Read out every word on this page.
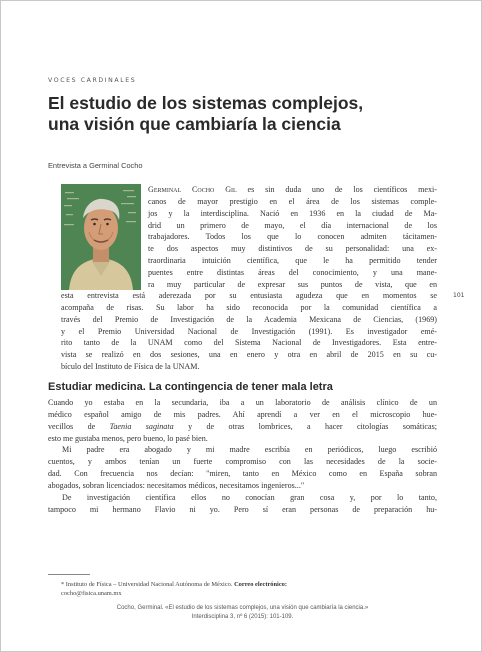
VOCES CARDINALES
El estudio de los sistemas complejos,
una visión que cambiaría la ciencia
Entrevista a Germinal Cocho
Germinal Cocho Gil es sin duda uno de los científicos mexi-
canos de mayor prestigio en el área de los sistemas comple-
jos y la interdisciplina. Nació en 1936 en la ciudad de Ma-
drid un primero de mayo, el día internacional de los
trabajadores. Todos los que lo conocen admiten tácitamen-
te dos aspectos muy distintivos de su personalidad: una ex-
traordinaria intuición científica, que le ha permitido tender
puentes entre distintas áreas del conocimiento, y una mane-
ra muy particular de expresar sus puntos de vista, que en
101
esta entrevista está aderezada por su entusiasta agudeza que en momentos se
acompaña de risas. Su labor ha sido reconocida por la comunidad científica a
través del Premio de Investigación de la Academia Mexicana de Ciencias, (1969)
y el Premio Universidad Nacional de Investigación (1991). Es investigador emé-
rito tanto de la UNAM como del Sistema Nacional de Investigadores. Esta entre-
vista se realizó en dos sesiones, una en enero y otra en abril de 2015 en su cu-
bículo del Instituto de Física de la UNAM.
Estudiar medicina. La contingencia de tener mala letra
Cuando yo estaba en la secundaria, iba a un laboratorio de análisis clínico de un
médico español amigo de mis padres. Ahí aprendí a ver en el microscopio hue-
vecillos de Taenia saginata y de otras lombrices, a hacer citologías somáticas;
esto me gustaba menos, pero bueno, lo pasé bien.
Mi padre era abogado y mi madre escribía en periódicos, luego escribió
cuentos, y ambos tenían un fuerte compromiso con las necesidades de la socie-
dad. Con frecuencia nos decían: "miren, tanto en México como en España sobran
abogados, sobran licenciados: necesitamos médicos, necesitamos ingenieros..."
De investigación científica ellos no conocían gran cosa y, por lo tanto,
tampoco mi hermano Flavio ni yo. Pero sí eran personas de preparación hu-
* Instituto de Física – Universidad Nacional Autónoma de México. Correo electrónico:
cocho@fisica.unam.mx
Cocho, Germinal. «El estudio de los sistemas complejos, una visión que cambiaría la ciencia.»
Interdisciplina 3, nº 6 (2015): 101-109.
